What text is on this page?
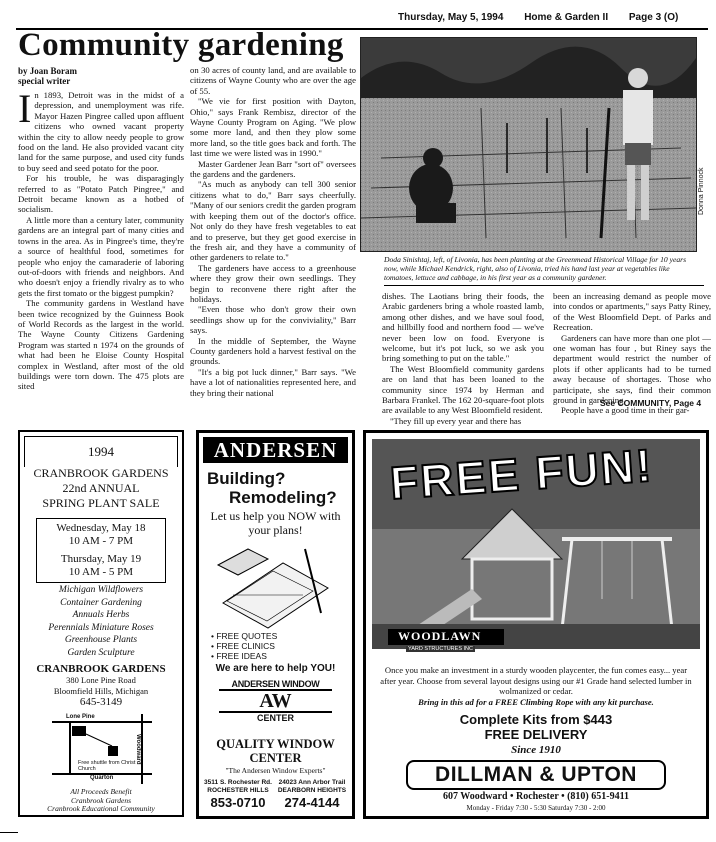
Thursday, May 5, 1994 Home & Garden II Page 3 (O)
Community gardening
by Joan Boram
special writer

In 1893, Detroit was in the midst of a depression, and unemployment was rife. Mayor Hazen Pingree called upon affluent citizens who owned vacant property within the city to allow needy people to grow food on the land. He also provided vacant city land for the same purpose, and used city funds to buy seed and seed potato for the poor.

For his trouble, he was disparagingly referred to as "Potato Patch Pingree," and Detroit became known as a hotbed of socialism.

A little more than a century later, community gardens are an integral part of many cities and towns in the area. As in Pingree's time, they're a source of healthful food, sometimes for people who enjoy the camaraderie of laboring out-of-doors with friends and neighbors. And who doesn't enjoy a friendly rivalry as to who gets the first tomato or the biggest pumpkin?

The community gardens in Westland have been twice recognized by the Guinness Book of World Records as the largest in the world. The Wayne County Citizens Gardening Program was started n 1974 on the grounds of what had been he Eloise County Hospital complex in Westland, after most of the old buildings were torn down. The 475 plots are sited

on 30 acres of county land, and are available to citizens of Wayne County who are over the age of 55.

"We vie for first position with Dayton, Ohio," says Frank Rembisz, director of the Wayne County Program on Aging. "We plow some more land, and then they plow some more land, so the title goes back and forth. The last time we were listed was in 1990."

Master Gardener Jean Barr "sort of" oversees the gardens and the gardeners.

"As much as anybody can tell 300 senior citizens what to do," Barr says cheerfully. "Many of our seniors credit the garden program with keeping them out of the doctor's office. Not only do they have fresh vegetables to eat and to preserve, but they get good exercise in the fresh air, and they have a community of other gardeners to relate to."

The gardeners have access to a greenhouse where they grow their own seedlings. They begin to reconvene there right after the holidays.

"Even those who don't grow their own seedlings show up for the conviviality," Barr says.

In the middle of September, the Wayne County gardeners hold a harvest festival on the grounds.

"It's a big pot luck dinner," Barr says. "We have a lot of nationalities represented here, and they bring their national

Donna Pinnock
Doda Sinishtaj, left, of Livonia, has been planting at the Greenmead Historical Village for 10 years now, while Michael Kendrick, right, also of Livonia, tried his hand last year at vegetables like tomatoes, lettuce and cabbage, in his first year as a community gardener.

dishes. The Laotians bring their foods, the Arabic gardeners bring a whole roasted lamb, among other dishes, and we have soul food, and hillbilly food and northern food — we've never been low on food. Everyone is welcome, but it's pot luck, so we ask you bring something to put on the table."

The West Bloomfield community gardens are on land that has been loaned to the community since 1974 by Herman and Barbara Frankel. The 162 20-square-foot plots are available to any West Bloomfield resident.

"They fill up every year and there has

been an increasing demand as people move into condos or apartments," says Patty Riney, of the West Bloomfield Dept. of Parks and Recreation.

Gardeners can have more than one plot — one woman has four , but Riney says the department would restrict the number of plots if other applicants had to be turned away because of shortages. Those who participate, she says, find their common ground in gardening.

People have a good time in their gar-

See COMMUNITY, Page 4
1994
CRANBROOK GARDENS
22nd ANNUAL
SPRING PLANT SALE
Wednesday, May 18
10 AM - 7 PM
Thursday, May 19
10 AM - 5 PM
Michigan Wildflowers
Container Gardening
Annuals Herbs
Perennials Miniature Roses
Greenhouse Plants
Garden Sculpture
CRANBROOK GARDENS
380 Lone Pine Road
Bloomfield Hills, Michigan
645-3149
Lone Pine
Free shuttle from Christ Church
Quarton
Woodward
All Proceeds Benefit
Cranbrook Gardens
Cranbrook Educational Community
ANDERSEN
Building?
Remodeling?
Let us help you NOW with your plans!
• FREE QUOTES
• FREE CLINICS
• FREE IDEAS
We are here to help YOU!
ANDERSEN WINDOW
AW
CENTER
QUALITY WINDOW CENTER
"The Andersen Window Experts"
3511 S. Rochester Rd.
ROCHESTER HILLS
853-0710
24023 Ann Arbor Trail
DEARBORN HEIGHTS
274-4144
FREE FUN!
WOODLAWN
YARD STRUCTURES INC
Once you make an investment in a sturdy wooden playcenter, the fun comes easy... year after year. Choose from several layout designs using our #1 Grade hand selected lumber in wolmanized or cedar.
Bring in this ad for a FREE Climbing Rope with any kit purchase.
Complete Kits from $443
FREE DELIVERY
Since 1910
DILLMAN & UPTON
607 Woodward • Rochester • (810) 651-9411
Monday - Friday 7:30 - 5:30 Saturday 7:30 - 2:00
